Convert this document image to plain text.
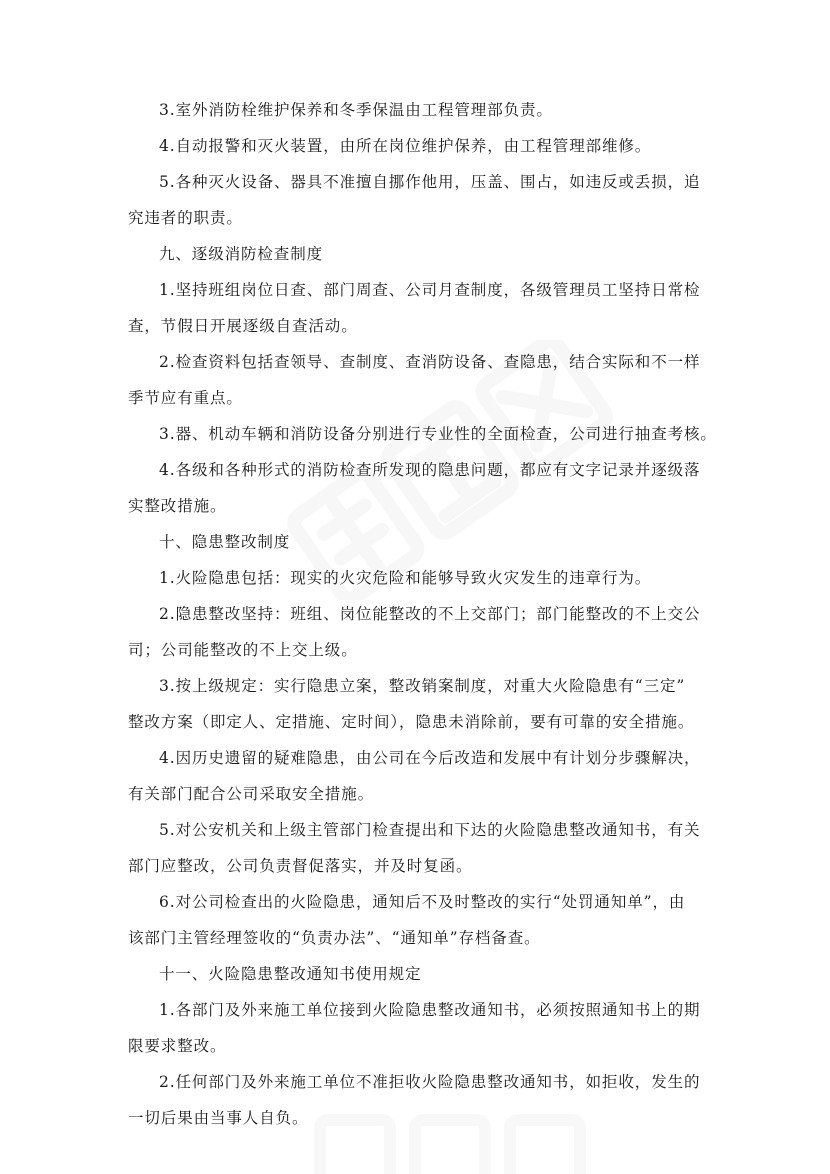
3.室外消防栓维护保养和冬季保温由工程管理部负责。
4.自动报警和灭火装置，由所在岗位维护保养，由工程管理部维修。
5.各种灭火设备、器具不准擅自挪作他用，压盖、围占，如违反或丢损，追
究违者的职责。
九、逐级消防检查制度
1.坚持班组岗位日查、部门周查、公司月查制度，各级管理员工坚持日常检
查，节假日开展逐级自查活动。
2.检查资料包括查领导、查制度、查消防设备、查隐患，结合实际和不一样
季节应有重点。
3.器、机动车辆和消防设备分别进行专业性的全面检查，公司进行抽查考核。
4.各级和各种形式的消防检查所发现的隐患问题，都应有文字记录并逐级落
实整改措施。
十、隐患整改制度
1.火险隐患包括：现实的火灾危险和能够导致火灾发生的违章行为。
2.隐患整改坚持：班组、岗位能整改的不上交部门；部门能整改的不上交公
司；公司能整改的不上交上级。
3.按上级规定：实行隐患立案，整改销案制度，对重大火险隐患有“三定”
整改方案（即定人、定措施、定时间），隐患未消除前，要有可靠的安全措施。
4.因历史遗留的疑难隐患，由公司在今后改造和发展中有计划分步骤解决，
有关部门配合公司采取安全措施。
5.对公安机关和上级主管部门检查提出和下达的火险隐患整改通知书，有关
部门应整改，公司负责督促落实，并及时复函。
6.对公司检查出的火险隐患，通知后不及时整改的实行“处罚通知单”，由
该部门主管经理签收的“负责办法”、“通知单”存档备查。
十一、火险隐患整改通知书使用规定
1.各部门及外来施工单位接到火险隐患整改通知书，必须按照通知书上的期
限要求整改。
2.任何部门及外来施工单位不准拒收火险隐患整改通知书，如拒收，发生的
一切后果由当事人自负。
